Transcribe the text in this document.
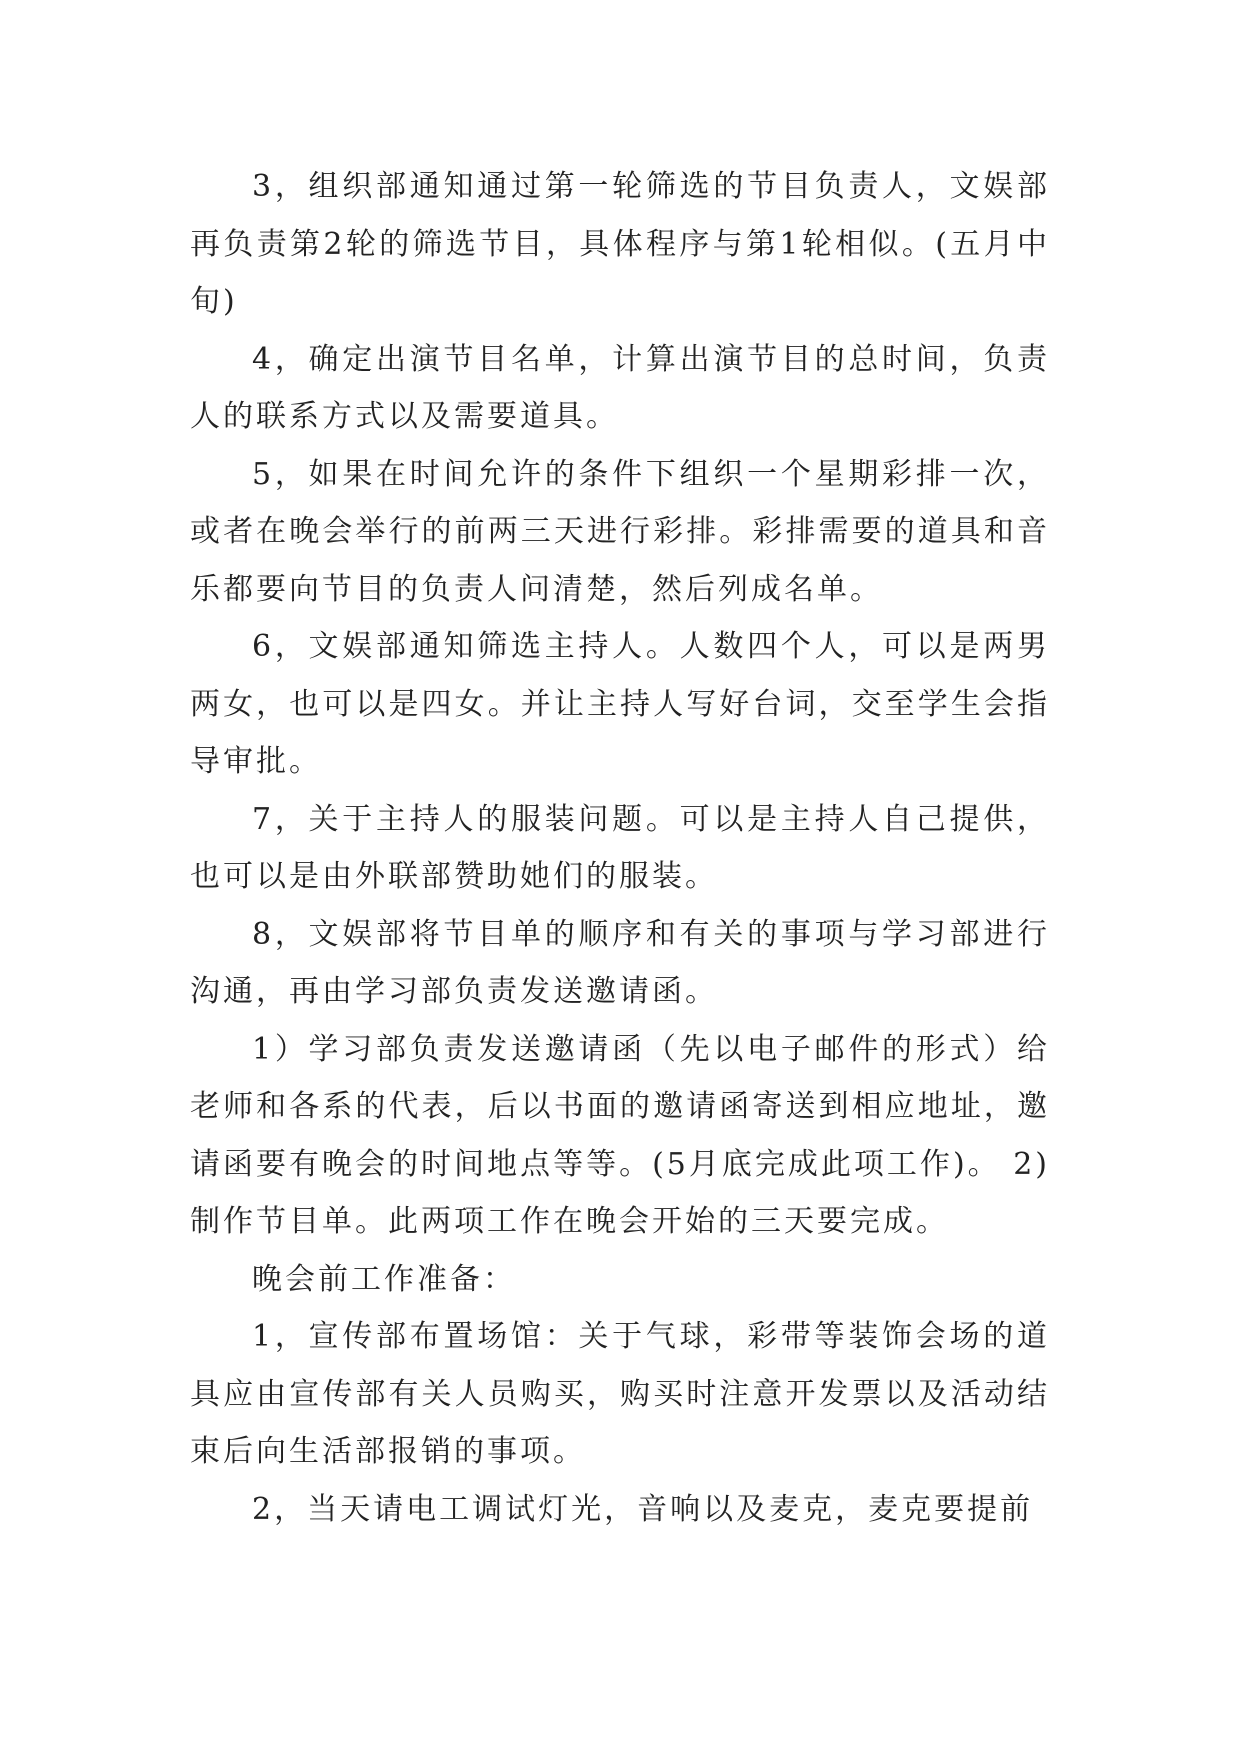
3，组织部通知通过第一轮筛选的节目负责人，文娱部再负责第2轮的筛选节目，具体程序与第1轮相似。(五月中旬)

4，确定出演节目名单，计算出演节目的总时间，负责人的联系方式以及需要道具。

5，如果在时间允许的条件下组织一个星期彩排一次，或者在晚会举行的前两三天进行彩排。彩排需要的道具和音乐都要向节目的负责人问清楚，然后列成名单。

6，文娱部通知筛选主持人。人数四个人，可以是两男两女，也可以是四女。并让主持人写好台词，交至学生会指导审批。

7，关于主持人的服装问题。可以是主持人自己提供，也可以是由外联部赞助她们的服装。

8，文娱部将节目单的顺序和有关的事项与学习部进行沟通，再由学习部负责发送邀请函。

1）学习部负责发送邀请函（先以电子邮件的形式）给老师和各系的代表，后以书面的邀请函寄送到相应地址，邀请函要有晚会的时间地点等等。(5月底完成此项工作)。 2)制作节目单。此两项工作在晚会开始的三天要完成。

晚会前工作准备：

1，宣传部布置场馆：关于气球，彩带等装饰会场的道具应由宣传部有关人员购买，购买时注意开发票以及活动结束后向生活部报销的事项。

2，当天请电工调试灯光，音响以及麦克，麦克要提前
